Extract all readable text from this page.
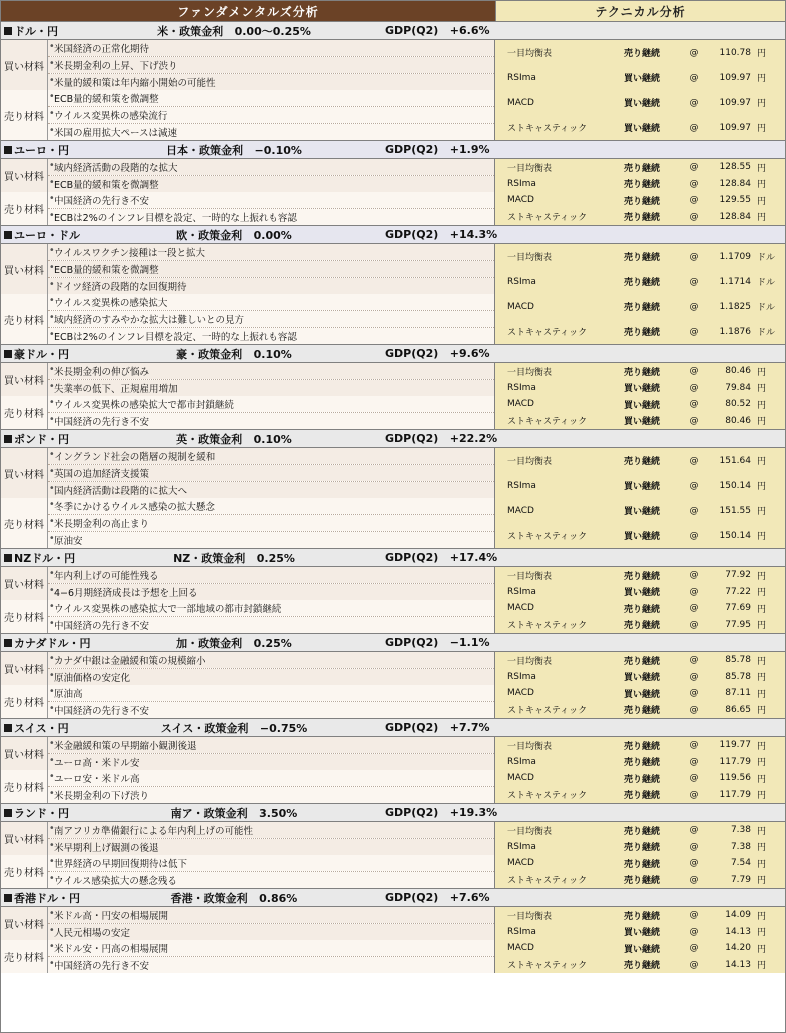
ファンダメンタルズ分析	テクニカル分析
ドル・円	米・政策金利 0.00〜0.25%	GDP(Q2) +6.6%
買い材料	• 米国経済の正常化期待
	• 米長期金利の上昇、下げ渋り
	• 米量的緩和策は年内縮小開始の可能性
売り材料	• ECB量的緩和策を微調整
	• ウイルス変異株の感染流行
	• 米国の雇用拡大ペースは減速
一目均衡表	売り継続	@	110.78	円
RSIma	買い継続	@	109.97	円
MACD	買い継続	@	109.97	円
ストキャスティック	買い継続	@	109.97	円
ユーロ・円	日本・政策金利 −0.10%	GDP(Q2) +1.9%
買い材料	• 域内経済活動の段階的な拡大
	• ECB量的緩和策を微調整
売り材料	• 中国経済の先行き不安
	• ECBは2%のインフレ目標を設定、一時的な上振れも容認
一目均衡表	売り継続	@	128.55	円
RSIma	売り継続	@	128.84	円
MACD	売り継続	@	129.55	円
ストキャスティック	売り継続	@	128.84	円
ユーロ・ドル	欧・政策金利 0.00%	GDP(Q2) +14.3%
買い材料	• ウイルスワクチン接種は一段と拡大
	• ECB量的緩和策を微調整
	• ドイツ経済の段階的な回復期待
売り材料	• ウイルス変異株の感染拡大
	• 域内経済のすみやかな拡大は難しいとの見方
	• ECBは2%のインフレ目標を設定、一時的な上振れも容認
一目均衡表	売り継続	@	1.1709	ドル
RSIma	売り継続	@	1.1714	ドル
MACD	売り継続	@	1.1825	ドル
ストキャスティック	売り継続	@	1.1876	ドル
豪ドル・円	豪・政策金利 0.10%	GDP(Q2) +9.6%
買い材料	• 米長期金利の伸び悩み
	• 失業率の低下、正規雇用増加
売り材料	• ウイルス変異株の感染拡大で都市封鎖継続
	• 中国経済の先行き不安
一目均衡表	売り継続	@	80.46	円
RSIma	買い継続	@	79.84	円
MACD	買い継続	@	80.52	円
ストキャスティック	買い継続	@	80.46	円
ポンド・円	英・政策金利 0.10%	GDP(Q2) +22.2%
買い材料	• イングランド社会の階層の規制を緩和
	• 英国の追加経済支援策
	• 国内経済活動は段階的に拡大へ
売り材料	• 冬季にかけるウイルス感染の拡大懸念
	• 米長期金利の高止まり
	• 原油安
一目均衡表	売り継続	@	151.64	円
RSIma	買い継続	@	150.14	円
MACD	買い継続	@	151.55	円
ストキャスティック	買い継続	@	150.14	円
NZドル・円	NZ・政策金利 0.25%	GDP(Q2) +17.4%
買い材料	• 年内利上げの可能性残る
	• 4−6月期経済成長は予想を上回る
売り材料	• ウイルス変異株の感染拡大で一部地域の都市封鎖継続
	• 中国経済の先行き不安
一目均衡表	売り継続	@	77.92	円
RSIma	買い継続	@	77.22	円
MACD	売り継続	@	77.69	円
ストキャスティック	売り継続	@	77.95	円
カナダドル・円	加・政策金利 0.25%	GDP(Q2) −1.1%
買い材料	• カナダ中銀は金融緩和策の規模縮小
	• 原油価格の安定化
売り材料	• 原油高
	• 中国経済の先行き不安
一目均衡表	売り継続	@	85.78	円
RSIma	買い継続	@	85.78	円
MACD	買い継続	@	87.11	円
ストキャスティック	売り継続	@	86.65	円
スイス・円	スイス・政策金利 −0.75%	GDP(Q2) +7.7%
買い材料	• 米金融緩和策の早期縮小観測後退
	• ユーロ高・米ドル安
売り材料	• ユーロ安・米ドル高
	• 米長期金利の下げ渋り
一目均衡表	売り継続	@	119.77	円
RSIma	売り継続	@	117.79	円
MACD	売り継続	@	119.56	円
ストキャスティック	売り継続	@	117.79	円
ランド・円	南ア・政策金利 3.50%	GDP(Q2) +19.3%
買い材料	• 南アフリカ準備銀行による年内利上げの可能性
	• 米早期利上げ観測の後退
売り材料	• 世界経済の早期回復期待は低下
	• ウイルス感染拡大の懸念残る
一目均衡表	売り継続	@	7.38	円
RSIma	売り継続	@	7.38	円
MACD	売り継続	@	7.54	円
ストキャスティック	売り継続	@	7.79	円
香港ドル・円	香港・政策金利 0.86%	GDP(Q2) +7.6%
買い材料	• 米ドル高・円安の相場展開
	• 人民元相場の安定
売り材料	• 米ドル安・円高の相場展開
	• 中国経済の先行き不安
一目均衡表	売り継続	@	14.09	円
RSIma	買い継続	@	14.13	円
MACD	買い継続	@	14.20	円
ストキャスティック	売り継続	@	14.13	円
